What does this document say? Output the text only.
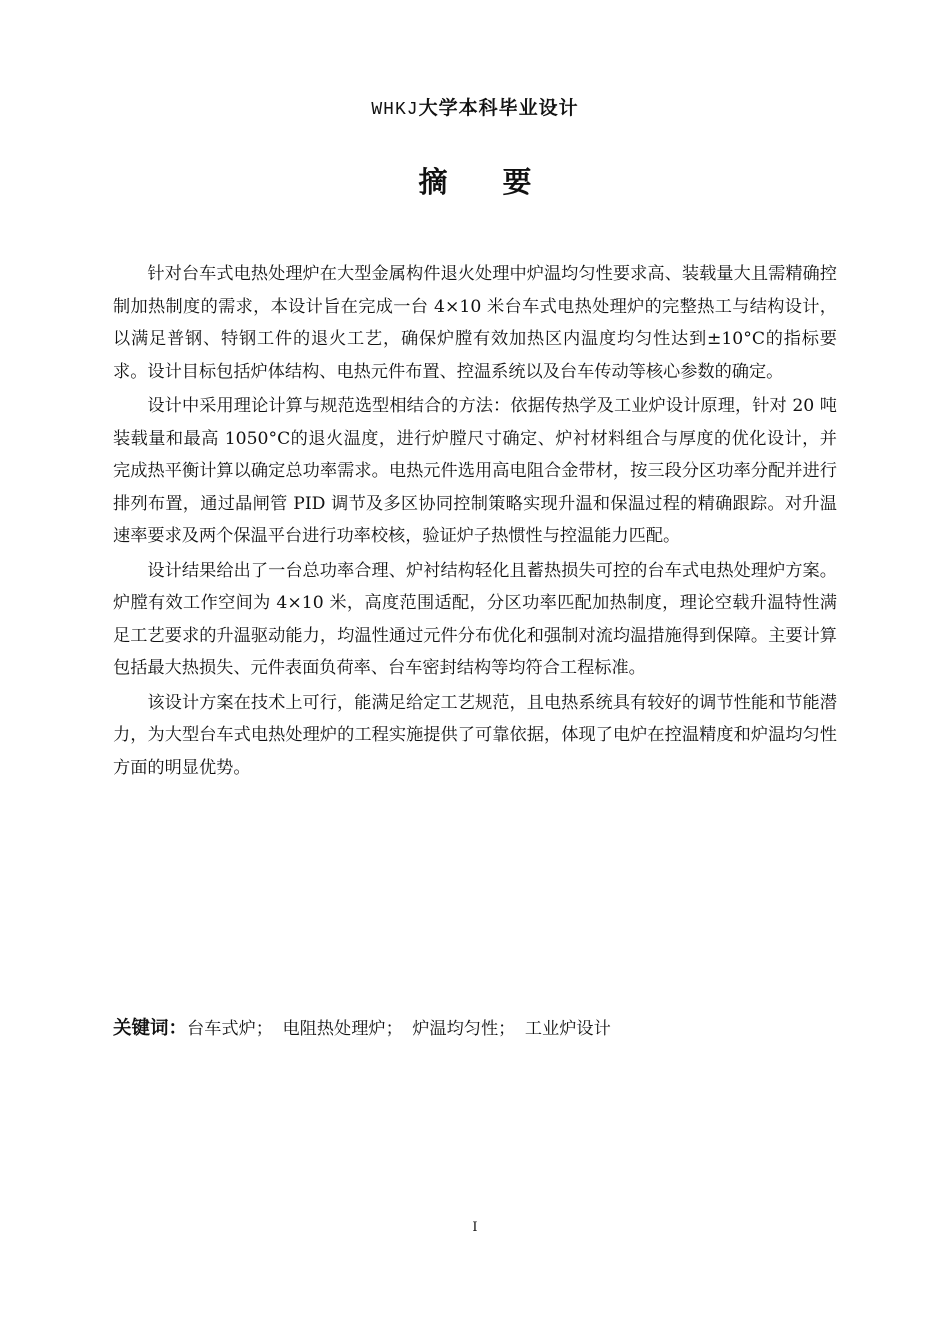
WHKJ大学本科毕业设计
摘要

针对台车式电热处理炉在大型金属构件退火处理中炉温均匀性要求高、装载量大且需精确控制加热制度的需求，本设计旨在完成一台 4×10 米台车式电热处理炉的完整热工与结构设计，以满足普钢、特钢工件的退火工艺，确保炉膛有效加热区内温度均匀性达到±10°C的指标要求。设计目标包括炉体结构、电热元件布置、控温系统以及台车传动等核心参数的确定。

设计中采用理论计算与规范选型相结合的方法：依据传热学及工业炉设计原理，针对 20 吨装载量和最高 1050°C的退火温度，进行炉膛尺寸确定、炉衬材料组合与厚度的优化设计，并完成热平衡计算以确定总功率需求。电热元件选用高电阻合金带材，按三段分区功率分配并进行排列布置，通过晶闸管 PID 调节及多区协同控制策略实现升温和保温过程的精确跟踪。对升温速率要求及两个保温平台进行功率校核，验证炉子热惯性与控温能力匹配。

设计结果给出了一台总功率合理、炉衬结构轻化且蓄热损失可控的台车式电热处理炉方案。炉膛有效工作空间为 4×10 米，高度范围适配，分区功率匹配加热制度，理论空载升温特性满足工艺要求的升温驱动能力，均温性通过元件分布优化和强制对流均温措施得到保障。主要计算包括最大热损失、元件表面负荷率、台车密封结构等均符合工程标准。

该设计方案在技术上可行，能满足给定工艺规范，且电热系统具有较好的调节性能和节能潜力，为大型台车式电热处理炉的工程实施提供了可靠依据，体现了电炉在控温精度和炉温均匀性方面的明显优势。

关键词：台车式炉； 电阻热处理炉； 炉温均匀性； 工业炉设计
I
